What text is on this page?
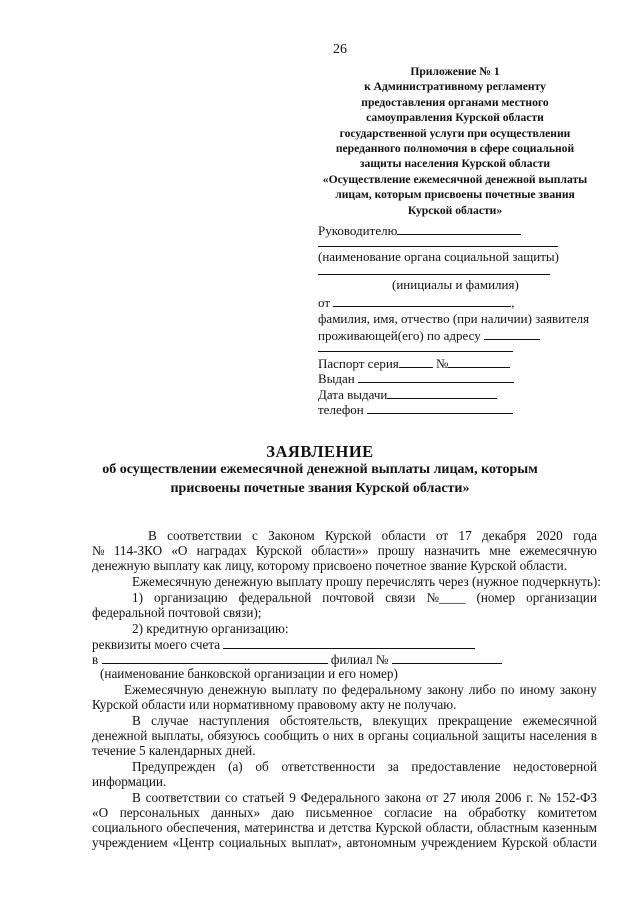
26
Приложение № 1
к Административному регламенту
предоставления органами местного
самоуправления Курской области
государственной услуги при осуществлении
переданного полномочия в сфере социальной
защиты населения Курской области
«Осуществление ежемесячной денежной выплаты
лицам, которым присвоены почетные звания
Курской области»
Руководителю
(наименование органа социальной защиты)
(инициалы и фамилия)
от	,
фамилия, имя, отчество (при наличии) заявителя
проживающей(его) по адресу
Паспорт серия	№
Выдан
Дата выдачи
телефон
ЗАЯВЛЕНИЕ
об осуществлении ежемесячной денежной выплаты лицам, которым
присвоены почетные звания Курской области»
В соответствии с Законом Курской области от 17 декабря 2020 года
№ 114-ЗКО «О наградах Курской области»» прошу назначить мне ежемесячную
денежную выплату как лицу, которому присвоено почетное звание Курской области.
Ежемесячную денежную выплату прошу перечислять через (нужное подчеркнуть):
1) организацию федеральной почтовой связи №____ (номер организации
федеральной почтовой связи);
2) кредитную организацию:
реквизиты моего счета
в	филиал №
(наименование банковской организации и его номер)
Ежемесячную денежную выплату по федеральному закону либо по иному закону
Курской области или нормативному правовому акту не получаю.
В случае наступления обстоятельств, влекущих прекращение ежемесячной
денежной выплаты, обязуюсь сообщить о них в органы социальной защиты населения в
течение 5 календарных дней.
Предупрежден (а) об ответственности за предоставление недостоверной
информации.
В соответствии со статьей 9 Федерального закона от 27 июля 2006 г. № 152-ФЗ
«О персональных данных» даю письменное согласие на обработку комитетом
социального обеспечения, материнства и детства Курской области, областным казенным
учреждением «Центр социальных выплат», автономным учреждением Курской области
